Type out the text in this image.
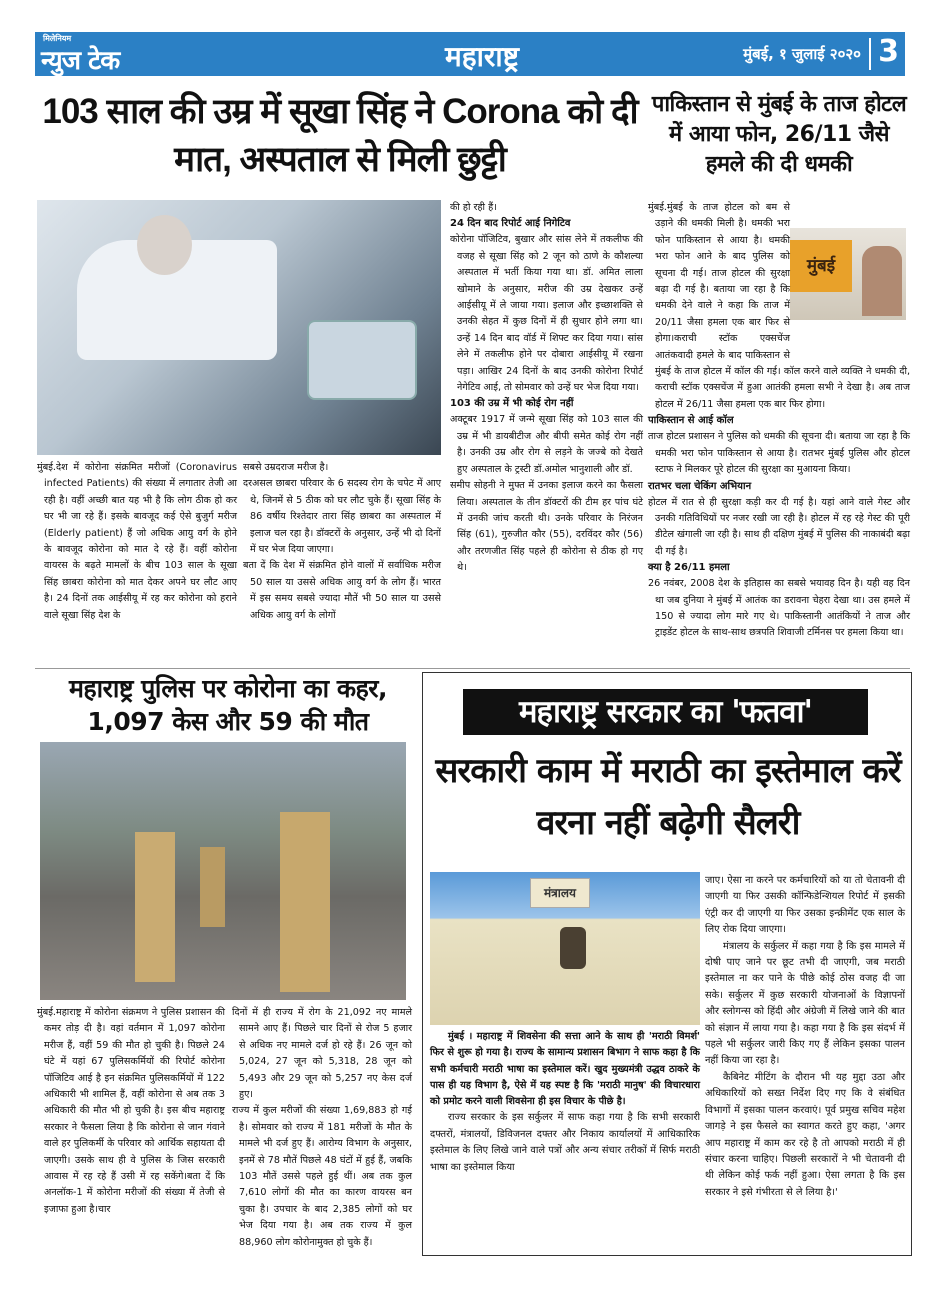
मिलेनियम
न्युज टेक	महाराष्ट्र	मुंबई, १ जुलाई २०२० 3
103 साल की उम्र में सूखा सिंह ने Corona को दी मात, अस्पताल से मिली छुट्टी

मुंबई.देश में कोरोना संक्रमित मरीजों (Coronavirus infected Patients) की संख्या में लगातार तेजी आ रही है। वहीं अच्छी बात यह भी है कि लोग ठीक हो कर घर भी जा रहे हैं। इसके बावजूद कई ऐसे बुजुर्ग मरीज (Elderly patient) हैं जो अधिक आयु वर्ग के होने के बावजूद कोरोना को मात दे रहे हैं। वहीं कोरोना वायरस के बढ़ते मामलों के बीच 103 साल के सूखा सिंह छाबरा कोरोना को मात देकर अपने घर लौट आए है। 24 दिनों तक आईसीयू में रह कर कोरोना को हराने वाले सूखा सिंह देश के

सबसे उम्रदराज मरीज है।

दरअसल छाबरा परिवार के 6 सदस्य रोग के चपेट में आए थे, जिनमें से 5 ठीक को घर लौट चुके हैं। सूखा सिंह के 86 वर्षीय रिश्तेदार तारा सिंह छाबरा का अस्पताल में इलाज चल रहा है। डॉक्टरों के अनुसार, उन्हें भी दो दिनों में घर भेज दिया जाएगा।

बता दें कि देश में संक्रमित होने वालों में सर्वाधिक मरीज 50 साल या उससे अधिक आयु वर्ग के लोग हैं। भारत में इस समय सबसे ज्यादा मौतें भी 50 साल या उससे अधिक आयु वर्ग के लोगों

की हो रही हैं।

24 दिन बाद रिपोर्ट आई निगेटिव

कोरोना पॉजिटिव, बुखार और सांस लेने में तकलीफ की वजह से सूखा सिंह को 2 जून को ठाणे के कौशल्या अस्पताल में भर्ती किया गया था। डॉ. अमित लाला खोमाने के अनुसार, मरीज की उम्र देखकर उन्हें आईसीयू में ले जाया गया। इलाज और इच्छाशक्ति से उनकी सेहत में कुछ दिनों में ही सुधार होने लगा था। उन्हें 14 दिन बाद वॉर्ड में शिफ्ट कर दिया गया। सांस लेने में तकलीफ होने पर दोबारा आईसीयू में रखना पड़ा। आखिर 24 दिनों के बाद उनकी कोरोना रिपोर्ट नेगेटिव आई, तो सोमवार को उन्हें घर भेज दिया गया।

103 की उम्र में भी कोई रोग नहीं

अक्टूबर 1917 में जन्मे सूखा सिंह को 103 साल की उम्र में भी डायबीटीज और बीपी समेत कोई रोग नहीं है। उनकी उम्र और रोग से लड़ने के जज्बे को देखते हुए अस्पताल के ट्रस्टी डॉ.अमोल भानुशाली और डॉ.

समीप सोहनी ने मुफ्त में उनका इलाज करने का फैसला लिया। अस्पताल के तीन डॉक्टरों की टीम हर पांच घंटे में उनकी जांच करती थी। उनके परिवार के निरंजन सिंह (61), गुरुजीत कौर (55), दरविंदर कौर (56) और तरणजीत सिंह पहले ही कोरोना से ठीक हो गए थे।

पाकिस्तान से मुंबई के ताज होटल में आया फोन, 26/11 जैसे हमले की दी धमकी
मुंबई

मुंबई.मुंबई के ताज होटल को बम से उड़ाने की धमकी मिली है। धमकी भरा फोन पाकिस्तान से आया है। धमकी भरा फोन आने के बाद पुलिस को सूचना दी गई। ताज होटल की सुरक्षा बढ़ा दी गई है। बताया जा रहा है कि धमकी देने वाले ने कहा कि ताज में 20/11 जैसा हमला एक बार फिर से होगा।कराची स्टॉक एक्सचेंज आतंकवादी हमले के बाद पाकिस्तान से मुंबई के ताज होटल में कॉल की गई। कॉल करने वाले व्यक्ति ने धमकी दी, कराची स्टॉक एक्सचेंज में हुआ आतंकी हमला सभी ने देखा है। अब ताज होटल में 26/11 जैसा हमला एक बार फिर होगा।

पाकिस्तान से आई कॉल

ताज होटल प्रशासन ने पुलिस को धमकी की सूचना दी। बताया जा रहा है कि धमकी भरा फोन पाकिस्तान से आया है। रातभर मुंबई पुलिस और होटल स्टाफ ने मिलकर पूरे होटल की सुरक्षा का मुआयना किया।

रातभर चला चेकिंग अभियान

होटल में रात से ही सुरक्षा कड़ी कर दी गई है। यहां आने वाले गेस्ट और उनकी गतिविधियों पर नजर रखी जा रही है। होटल में रह रहे गेस्ट की पूरी डीटेल खंगाली जा रही है। साथ ही दक्षिण मुंबई में पुलिस की नाकाबंदी बढ़ा दी गई है।

क्या है 26/11 हमला

26 नवंबर, 2008 देश के इतिहास का सबसे भयावह दिन है। यही वह दिन था जब दुनिया ने मुंबई में आतंक का डरावना चेहरा देखा था। उस हमले में 150 से ज्यादा लोग मारे गए थे। पाकिस्तानी आतंकियों ने ताज और ट्राइडेंट होटल के साथ-साथ छत्रपति शिवाजी टर्मिनस पर हमला किया था।

महाराष्ट्र पुलिस पर कोरोना का कहर, 1,097 केस और 59 की मौत

मुंबई.महाराष्ट्र में कोरोना संक्रमण ने पुलिस प्रशासन की कमर तोड़ दी है। वहां वर्तमान में 1,097 कोरोना मरीज हैं, वहीं 59 की मौत हो चुकी है। पिछले 24 घंटे में यहां 67 पुलिसकर्मियों की रिपोर्ट कोरोना पॉजिटिव आई है इन संक्रमित पुलिसकर्मियों में 122 अधिकारी भी शामिल हैं, वहीं कोरोना से अब तक 3 अधिकारी की मौत भी हो चुकी है। इस बीच महाराष्ट्र सरकार ने फैसला लिया है कि कोरोना से जान गंवाने वाले हर पुलिकर्मी के परिवार को आर्थिक सहायता दी जाएगी। उसके साथ ही वे पुलिस के जिस सरकारी आवास में रह रहे हैं उसी में रह सकेंगे।बता दें कि अनलॉक-1 में कोरोना मरीजों की संख्या में तेजी से इजाफा हुआ है।चार

दिनों में ही राज्य में रोग के 21,092 नए मामले सामने आए हैं। पिछले चार दिनों से रोज 5 हजार से अधिक नए मामले दर्ज हो रहे हैं। 26 जून को 5,024, 27 जून को 5,318, 28 जून को 5,493 और 29 जून को 5,257 नए केस दर्ज हुए।

राज्य में कुल मरीजों की संख्या 1,69,883 हो गई है। सोमवार को राज्य में 181 मरीजों के मौत के मामले भी दर्ज हुए हैं। आरोग्य विभाग के अनुसार, इनमें से 78 मौतें पिछले 48 घंटों में हुई हैं, जबकि 103 मौतें उससे पहले हुई थीं। अब तक कुल 7,610 लोगों की मौत का कारण वायरस बन चुका है। उपचार के बाद 2,385 लोगों को घर भेज दिया गया है। अब तक राज्य में कुल 88,960 लोग कोरोनामुक्त हो चुके हैं।

महाराष्ट्र सरकार का 'फतवा'
सरकारी काम में मराठी का इस्तेमाल करें वरना नहीं बढ़ेगी सैलरी
मंत्रालय

मुंबई । महाराष्ट्र में शिवसेना की सत्ता आने के साथ ही 'मराठी विमर्श' फिर से शुरू हो गया है। राज्य के सामान्य प्रशासन बिभाग ने साफ कहा है कि सभी कर्मचारी मराठी भाषा का इस्तेमाल करें। खुद मुख्यमंत्री उद्धव ठाकरे के पास ही यह विभाग है, ऐसे में यह स्पष्ट है कि 'मराठी मानुष' की विचारधारा को प्रमोट करने वाली शिवसेना ही इस विचार के पीछे है।

राज्य सरकार के इस सर्कुलर में साफ कहा गया है कि सभी सरकारी दफ्तरों, मंत्रालयों, डिविजनल दफ्तर और निकाय कार्यालयों में आधिकारिक इस्तेमाल के लिए लिखे जाने वाले पत्रों और अन्य संचार तरीकों में सिर्फ मराठी भाषा का इस्तेमाल किया

जाए। ऐसा ना करने पर कर्मचारियों को या तो चेतावनी दी जाएगी या फिर उसकी कॉन्फिडेन्शियल रिपोर्ट में इसकी एंट्री कर दी जाएगी या फिर उसका इन्क्रीमेंट एक साल के लिए रोक दिया जाएगा।

मंत्रालय के सर्कुलर में कहा गया है कि इस मामले में दोषी पाए जाने पर छूट तभी दी जाएगी, जब मराठी इस्तेमाल ना कर पाने के पीछे कोई ठोस वजह दी जा सके। सर्कुलर में कुछ सरकारी योजनाओं के विज्ञापनों और स्लोगन्स को हिंदी और अंग्रेजी में लिखे जाने की बात को संज्ञान में लाया गया है। कहा गया है कि इस संदर्भ में पहले भी सर्कुलर जारी किए गए हैं लेकिन इसका पालन नहीं किया जा रहा है।

कैबिनेट मीटिंग के दौरान भी यह मुद्दा उठा और अधिकारियों को सख्त निर्देश दिए गए कि वे संबंधित विभागों में इसका पालन करवाएं। पूर्व प्रमुख सचिव महेश जागड़े ने इस फैसले का स्वागत करते हुए कहा, 'अगर आप महाराष्ट्र में काम कर रहे है तो आपको मराठी में ही संचार करना चाहिए। पिछली सरकारों ने भी चेतावनी दी थी लेकिन कोई फर्क नहीं हुआ। ऐसा लगता है कि इस सरकार ने इसे गंभीरता से ले लिया है।'
